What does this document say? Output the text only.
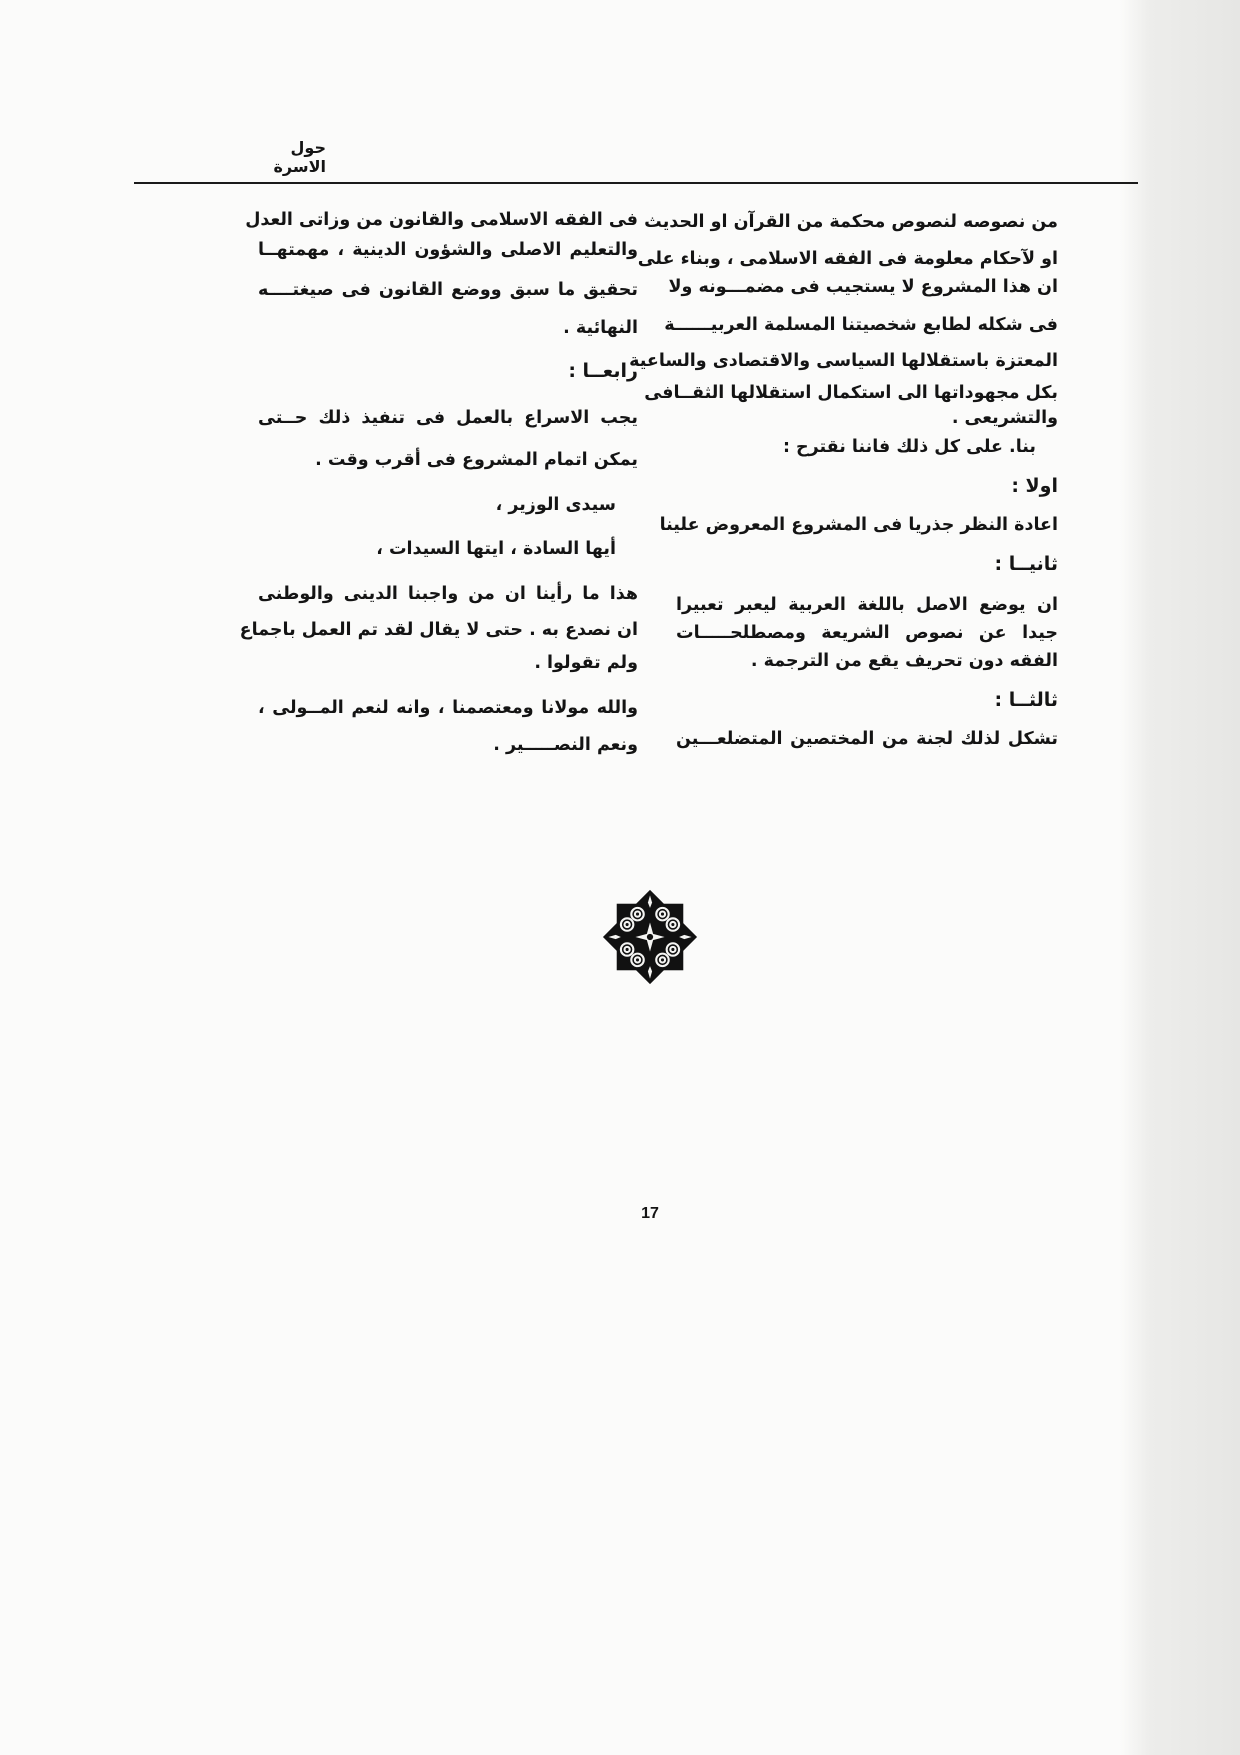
حول الاسرة
من نصوصه لنصوص محكمة من القرآن او الحديث
او لآحكام معلومة فى الفقه الاسلامى ، وبناء على
ان هذا المشروع لا يستجيب فى مضمـــونه ولا
فى شكله لطابع شخصيتنا المسلمة العربيــــــة
المعتزة باستقلالها السياسى والاقتصادى والساعية
بكل مجهوداتها الى استكمال استقلالها الثقــافى
والتشريعى .
بنا. على كل ذلك فاننا نقترح :
اولا :
اعادة النظر جذريا فى المشروع المعروض علينا
ثانيــا :
ان يوضع الاصل باللغة العربية ليعبر تعبيرا
جيدا عن نصوص الشريعة ومصطلحـــــات
الفقه دون تحريف يقع من الترجمة .
ثالثــا :
تشكل لذلك لجنة من المختصين المتضلعـــين
فى الفقه الاسلامى والقانون من وزاتى العدل
والتعليم الاصلى والشؤون الدينية ، مهمتهــا
تحقيق ما سبق ووضع القانون فى صيغتــــه
النهائية .
رابعــا :
يجب الاسراع بالعمل فى تنفيذ ذلك حــتى
يمكن اتمام المشروع فى أقرب وقت .
سيدى الوزير ،
أيها السادة ، ايتها السيدات ،
هذا ما رأينا ان من واجبنا الدينى والوطنى
ان نصدع به . حتى لا يقال لقد تم العمل باجماع
ولم تقولوا .
والله مولانا ومعتصمنا ، وانه لنعم المــولى ،
ونعم النصـــــير .
17
